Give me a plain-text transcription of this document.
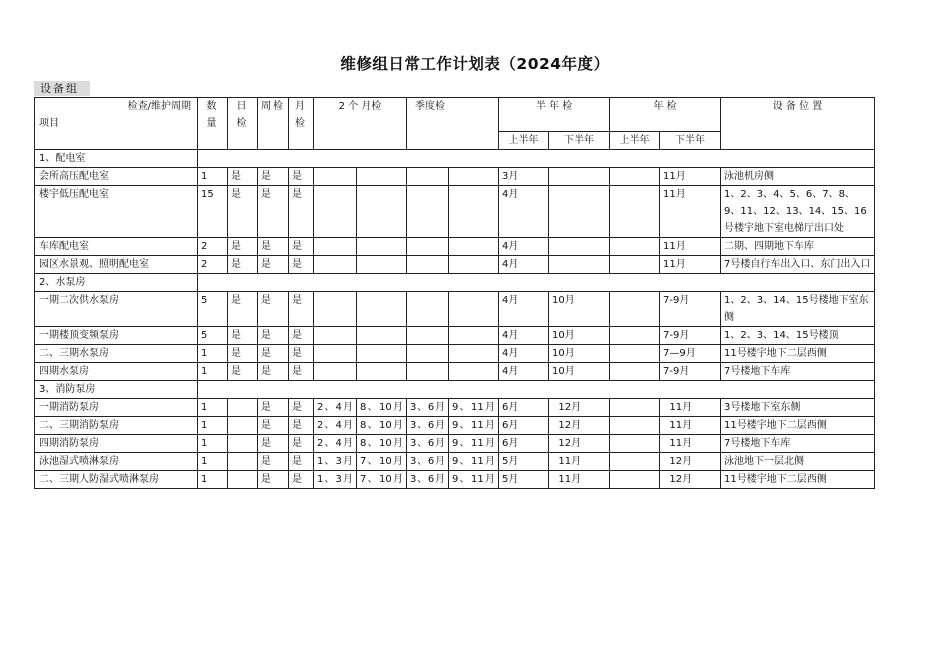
维修组日常工作计划表（2024年度）
设备组
检查/维护周期
项目	数量	日检	周检	月检	2 个 月检		季度检		半 年 检		年 检		设 备 位 置
									上半年	下半年	上半年	下半年	
1、配电室													
会所高压配电室	1	是	是	是					3月			11月	泳池机房侧
楼宇低压配电室	15	是	是	是					4月			11月	1、2、3、4、5、6、7、8、9、11、12、13、14、15、16号楼宇地下室电梯厅出口处
车库配电室	2	是	是	是					4月			11月	二期、四期地下车库
园区水景观、照明配电室	2	是	是	是					4月			11月	7号楼自行车出入口、东门出入口
2、水泵房													
一期二次供水泵房	5	是	是	是					4月	10月		7-9月	1、2、3、14、15号楼地下室东侧
一期楼顶变频泵房	5	是	是	是					4月	10月		7-9月	1、2、3、14、15号楼顶
二、三期水泵房	1	是	是	是					4月	10月		7—9月	11号楼宇地下二层西侧
四期水泵房	1	是	是	是					4月	10月		7-9月	7号楼地下车库
3、消防泵房													
一期消防泵房	1		是	是	2、4月	8、10月	3、6月	9、11月	6月	12月		11月	3号楼地下室东侧
二、三期消防泵房	1		是	是	2、4月	8、10月	3、6月	9、11月	6月	12月		11月	11号楼宇地下二层西侧
四期消防泵房	1		是	是	2、4月	8、10月	3、6月	9、11月	6月	12月		11月	7号楼地下车库
泳池湿式喷淋泵房	1		是	是	1、3月	7、10月	3、6月	9、11月	5月	11月		12月	泳池地下一层北侧
二、三期人防湿式喷淋泵房	1		是	是	1、3月	7、10月	3、6月	9、11月	5月	11月		12月	11号楼宇地下二层西侧
